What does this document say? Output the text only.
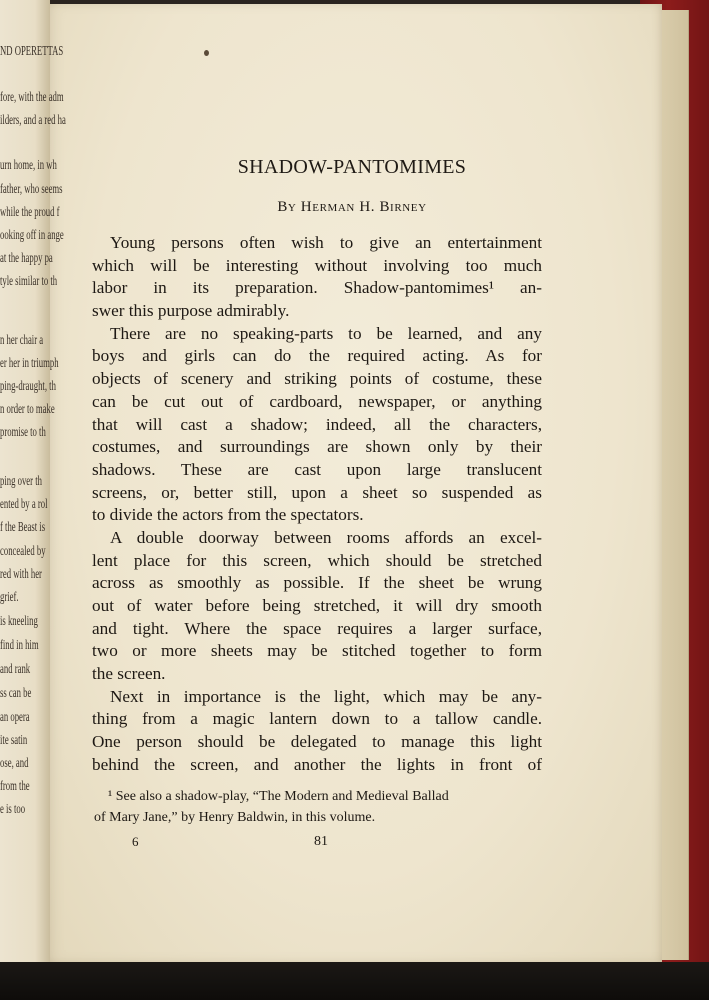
SHADOW-PANTOMIMES
By Herman H. Birney
Young persons often wish to give an entertainment
which will be interesting without involving too much
labor in its preparation. Shadow-pantomimes¹ an-
swer this purpose admirably.
There are no speaking-parts to be learned, and any
boys and girls can do the required acting. As for
objects of scenery and striking points of costume, these
can be cut out of cardboard, newspaper, or anything
that will cast a shadow; indeed, all the characters,
costumes, and surroundings are shown only by their
shadows. These are cast upon large translucent
screens, or, better still, upon a sheet so suspended as
to divide the actors from the spectators.
A double doorway between rooms affords an excel-
lent place for this screen, which should be stretched
across as smoothly as possible. If the sheet be wrung
out of water before being stretched, it will dry smooth
and tight. Where the space requires a larger surface,
two or more sheets may be stitched together to form
the screen.
Next in importance is the light, which may be any-
thing from a magic lantern down to a tallow candle.
One person should be delegated to manage this light
behind the screen, and another the lights in front of
¹ See also a shadow-play, “The Modern and Medieval Ballad
of Mary Jane,” by Henry Baldwin, in this volume.
6	81
ND OPERETTAS
fore, with the adm
ilders, and a red ha
urn home, in wh
father, who seems
while the proud f
ooking off in ange
at the happy pa
tyle similar to th
n her chair a
er her in triumph
ping-draught, th
n order to make
promise to th
ping over th
ented by a rol
f the Beast is
concealed by
red with her
grief.
is kneeling
find in him
and rank
ss can be
an opera
ite satin
ose, and
from the
e is too
